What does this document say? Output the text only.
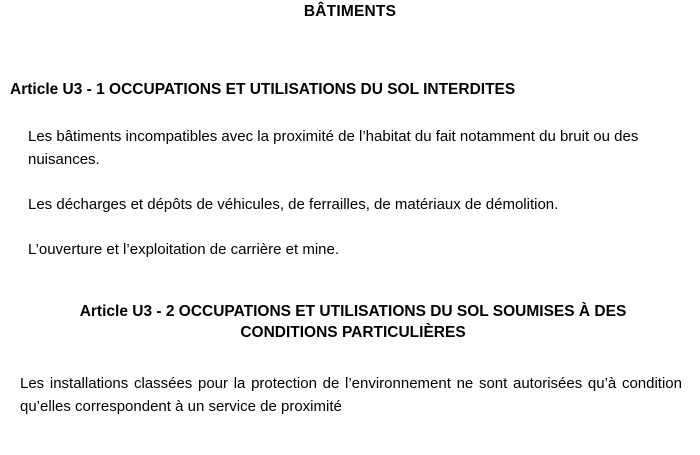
BÂTIMENTS
Article U3 - 1 OCCUPATIONS ET UTILISATIONS DU SOL INTERDITES

Les bâtiments incompatibles avec la proximité de l’habitat du fait notamment du bruit ou des nuisances.

Les décharges et dépôts de véhicules, de ferrailles, de matériaux de démolition.

L’ouverture et l’exploitation de carrière et mine.

Article U3 - 2 OCCUPATIONS ET UTILISATIONS DU SOL SOUMISES À DES
CONDITIONS PARTICULIÈRES

Les installations classées pour la protection de l’environnement ne sont autorisées qu’à condition qu’elles correspondent à un service de proximité
